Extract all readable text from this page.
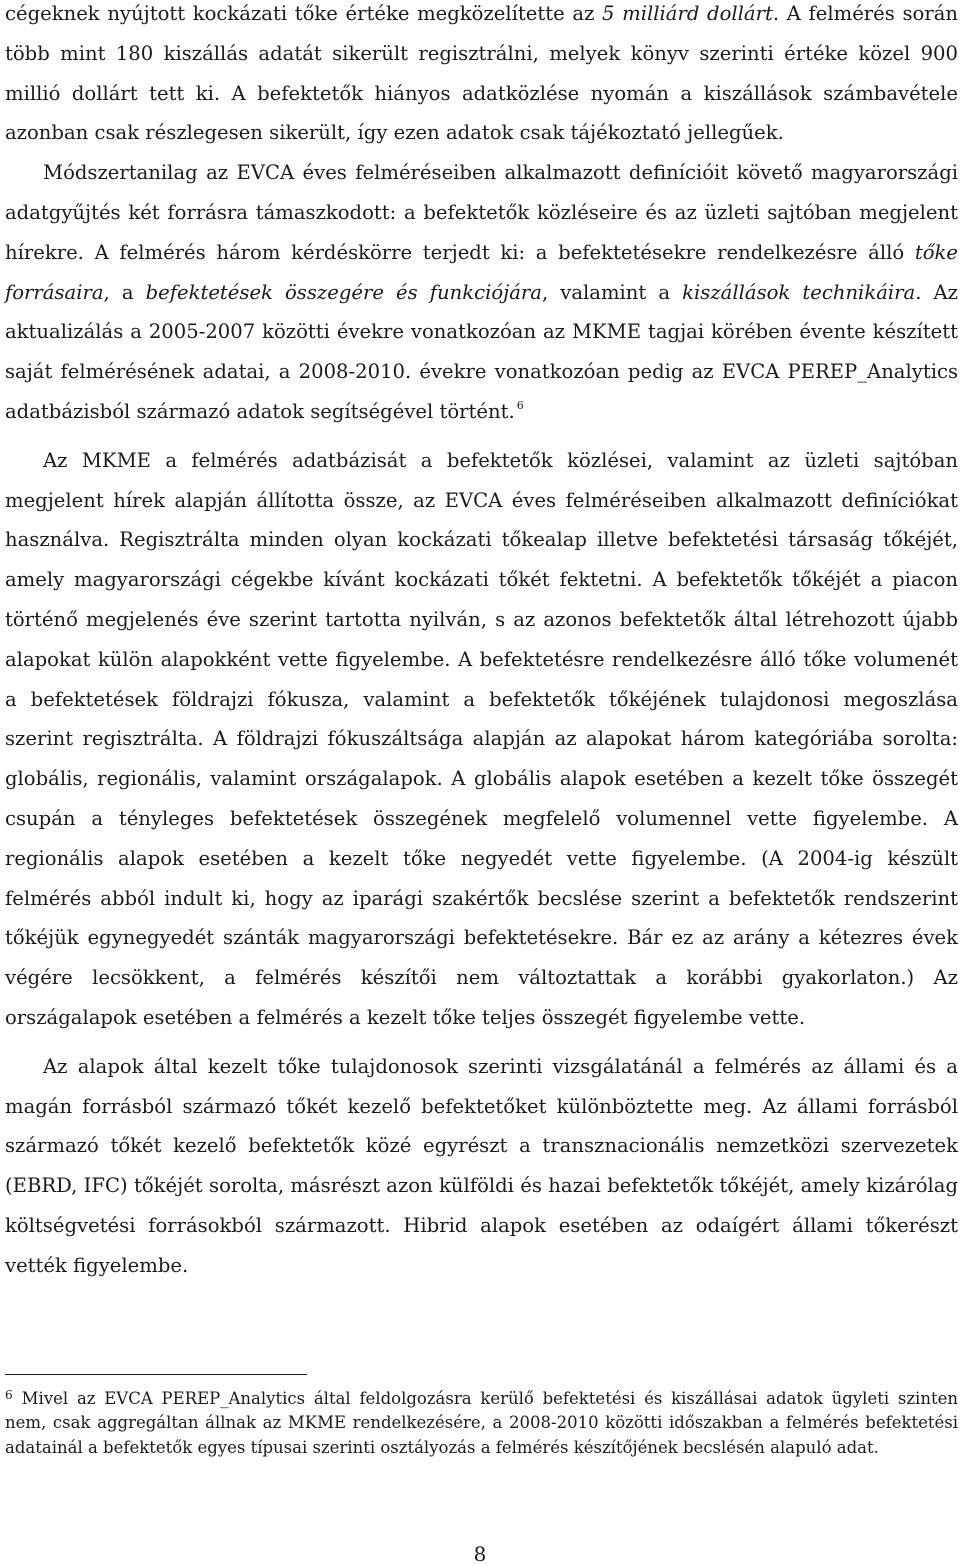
cégeknek nyújtott kockázati tőke értéke megközelítette az 5 milliárd dollárt. A felmérés során több mint 180 kiszállás adatát sikerült regisztrálni, melyek könyv szerinti értéke közel 900 millió dollárt tett ki. A befektetők hiányos adatközlése nyomán a kiszállások számbavétele azonban csak részlegesen sikerült, így ezen adatok csak tájékoztató jellegűek.

Módszertanilag az EVCA éves felméréseiben alkalmazott definícióit követő magyarországi adatgyűjtés két forrásra támaszkodott: a befektetők közléseire és az üzleti sajtóban megjelent hírekre. A felmérés három kérdéskörre terjedt ki: a befektetésekre rendelkezésre álló tőke forrásaira, a befektetések összegére és funkciójára, valamint a kiszállások technikáira. Az aktualizálás a 2005-2007 közötti évekre vonatkozóan az MKME tagjai körében évente készített saját felmérésének adatai, a 2008-2010. évekre vonatkozóan pedig az EVCA PEREP_Analytics adatbázisból származó adatok segítségével történt. $^6$

Az MKME a felmérés adatbázisát a befektetők közlései, valamint az üzleti sajtóban megjelent hírek alapján állította össze, az EVCA éves felméréseiben alkalmazott definíciókat használva. Regisztrálta minden olyan kockázati tőkealap illetve befektetési társaság tőkéjét, amely magyarországi cégekbe kívánt kockázati tőkét fektetni. A befektetők tőkéjét a piacon történő megjelenés éve szerint tartotta nyilván, s az azonos befektetők által létrehozott újabb alapokat külön alapokként vette figyelembe. A befektetésre rendelkezésre álló tőke volumenét a befektetések földrajzi fókusza, valamint a befektetők tőkéjének tulajdonosi megoszlása szerint regisztrálta. A földrajzi fókuszáltsága alapján az alapokat három kategóriába sorolta: globális, regionális, valamint országalapok. A globális alapok esetében a kezelt tőke összegét csupán a tényleges befektetések összegének megfelelő volumennel vette figyelembe. A regionális alapok esetében a kezelt tőke negyedét vette figyelembe. (A 2004-ig készült felmérés abból indult ki, hogy az iparági szakértők becslése szerint a befektetők rendszerint tőkéjük egynegyedét szánták magyarországi befektetésekre. Bár ez az arány a kétezres évek végére lecsökkent, a felmérés készítői nem változtattak a korábbi gyakorlaton.) Az országalapok esetében a felmérés a kezelt tőke teljes összegét figyelembe vette.

Az alapok által kezelt tőke tulajdonosok szerinti vizsgálatánál a felmérés az állami és a magán forrásból származó tőkét kezelő befektetőket különböztette meg. Az állami forrásból származó tőkét kezelő befektetők közé egyrészt a transznacionális nemzetközi szervezetek (EBRD, IFC) tőkéjét sorolta, másrészt azon külföldi és hazai befektetők tőkéjét, amely kizárólag költségvetési forrásokból származott. Hibrid alapok esetében az odaígért állami tőkerészt vették figyelembe.

$^6$ Mivel az EVCA PEREP_Analytics által feldolgozásra kerülő befektetési és kiszállásai adatok ügyleti szinten nem, csak aggregáltan állnak az MKME rendelkezésére, a 2008-2010 közötti időszakban a felmérés befektetési adatainál a befektetők egyes típusai szerinti osztályozás a felmérés készítőjének becslésén alapuló adat.

8
